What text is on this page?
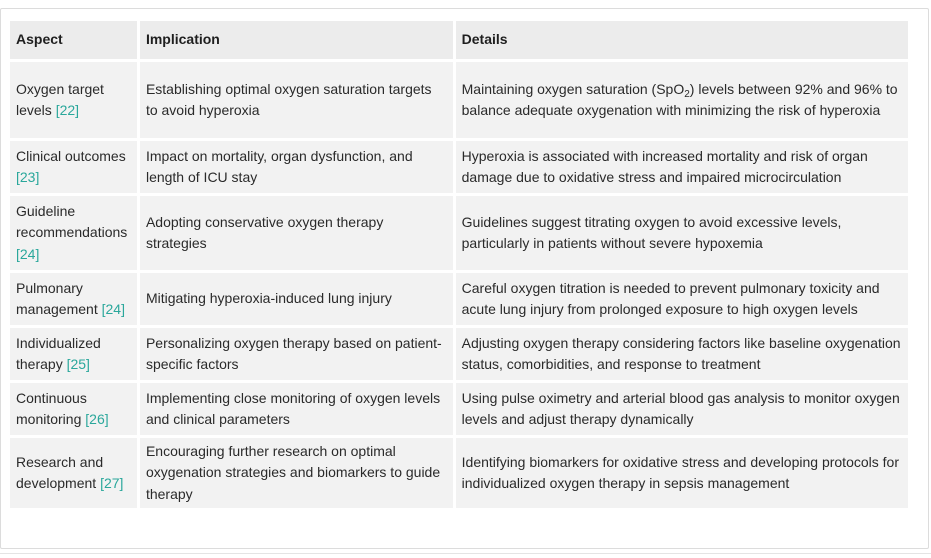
Aspect	Implication	Details
Oxygen target levels [22]	Establishing optimal oxygen saturation targets to avoid hyperoxia	Maintaining oxygen saturation (SpO$_2$) levels between 92% and 96% to balance adequate oxygenation with minimizing the risk of hyperoxia
Clinical outcomes [23]	Impact on mortality, organ dysfunction, and length of ICU stay	Hyperoxia is associated with increased mortality and risk of organ damage due to oxidative stress and impaired microcirculation
Guideline recommendations [24]	Adopting conservative oxygen therapy strategies	Guidelines suggest titrating oxygen to avoid excessive levels, particularly in patients without severe hypoxemia
Pulmonary management [24]	Mitigating hyperoxia-induced lung injury	Careful oxygen titration is needed to prevent pulmonary toxicity and acute lung injury from prolonged exposure to high oxygen levels
Individualized therapy [25]	Personalizing oxygen therapy based on patient-specific factors	Adjusting oxygen therapy considering factors like baseline oxygenation status, comorbidities, and response to treatment
Continuous monitoring [26]	Implementing close monitoring of oxygen levels and clinical parameters	Using pulse oximetry and arterial blood gas analysis to monitor oxygen levels and adjust therapy dynamically
Research and development [27]	Encouraging further research on optimal oxygenation strategies and biomarkers to guide therapy	Identifying biomarkers for oxidative stress and developing protocols for individualized oxygen therapy in sepsis management
